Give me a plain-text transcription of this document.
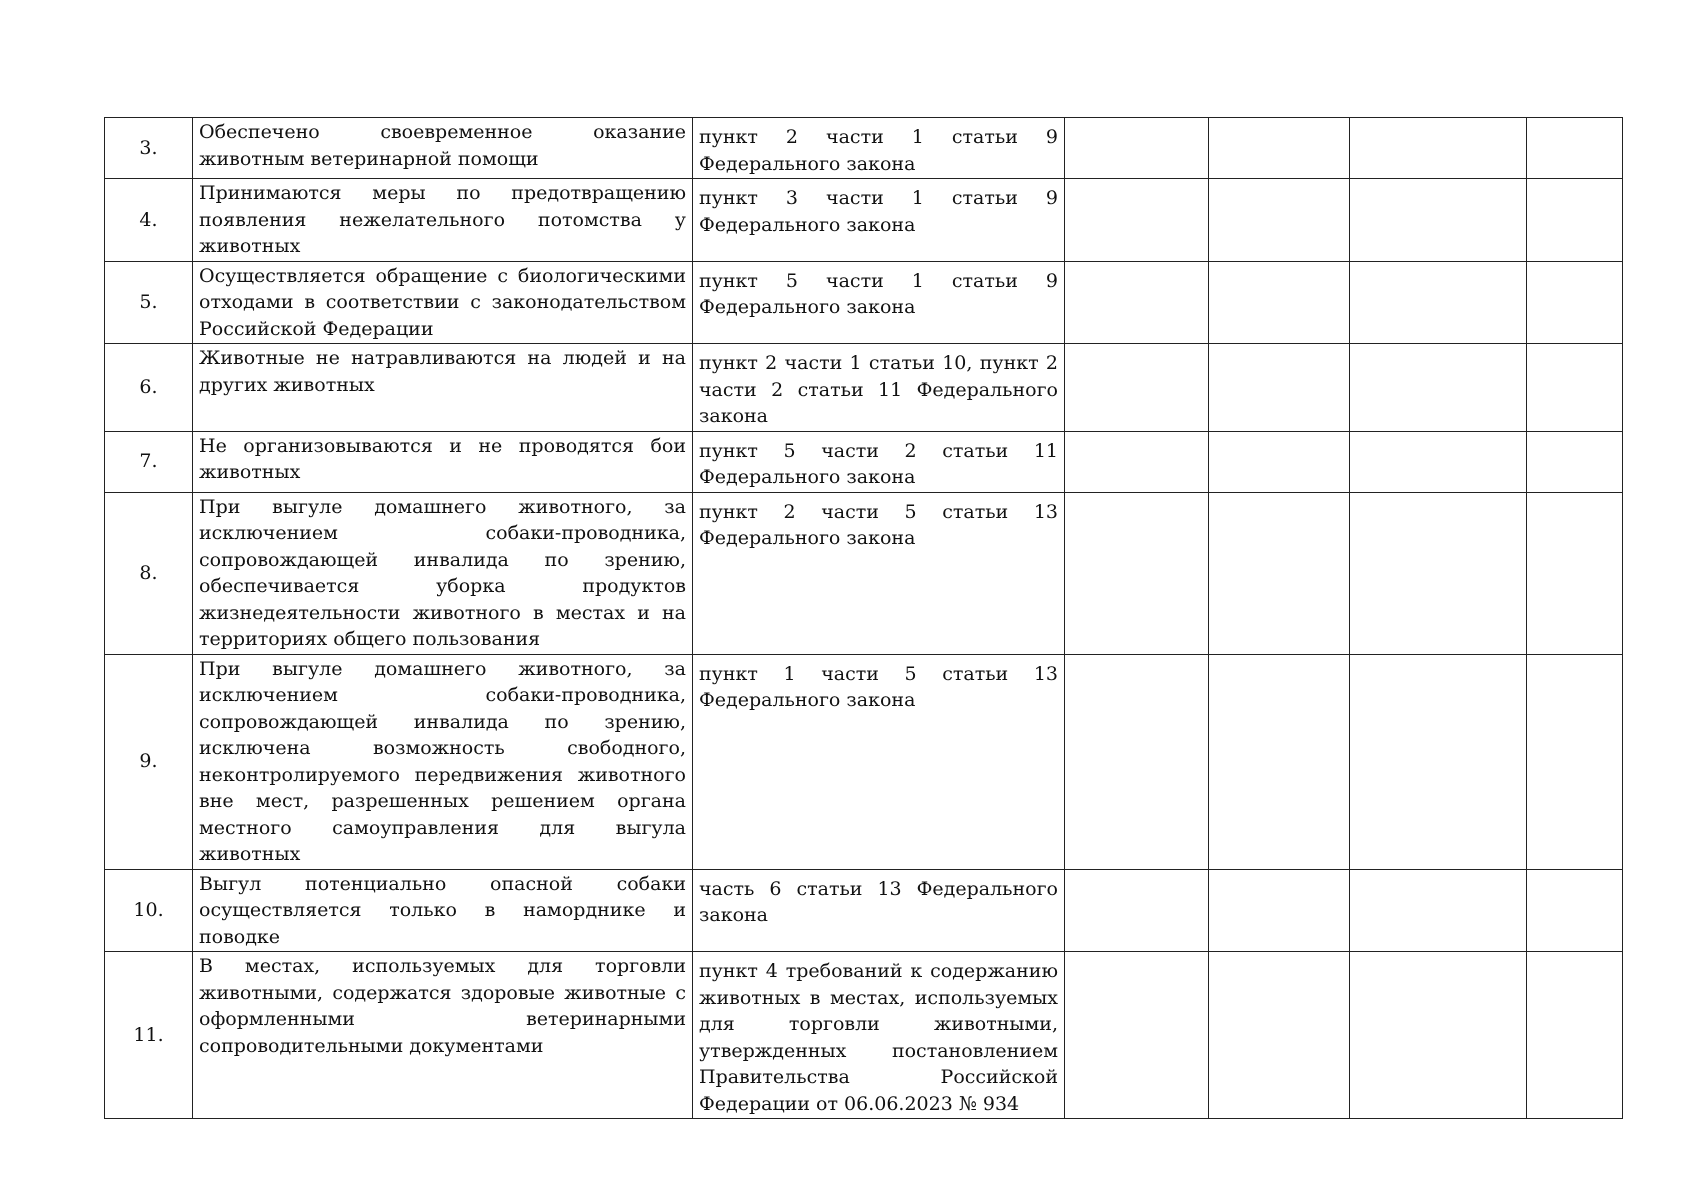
3.	Обеспечено своевременное оказание животным ветеринарной помощи	пункт 2 части 1 статьи 9 Федерального закона				
4.	Принимаются меры по предотвращению появления нежелательного потомства у животных	пункт 3 части 1 статьи 9 Федерального закона				
5.	Осуществляется обращение с биологическими отходами в соответствии с законодательством Российской Федерации	пункт 5 части 1 статьи 9 Федерального закона				
6.	Животные не натравливаются на людей и на других животных	пункт 2 части 1 статьи 10, пункт 2 части 2 статьи 11 Федерального закона				
7.	Не организовываются и не проводятся бои животных	пункт 5 части 2 статьи 11 Федерального закона				
8.	При выгуле домашнего животного, за исключением собаки-проводника, сопровождающей инвалида по зрению, обеспечивается уборка продуктов жизнедеятельности животного в местах и на территориях общего пользования	пункт 2 части 5 статьи 13 Федерального закона				
9.	При выгуле домашнего животного, за исключением собаки-проводника, сопровождающей инвалида по зрению, исключена возможность свободного, неконтролируемого передвижения животного вне мест, разрешенных решением органа местного самоуправления для выгула животных	пункт 1 части 5 статьи 13 Федерального закона				
10.	Выгул потенциально опасной собаки осуществляется только в наморднике и поводке	часть 6 статьи 13 Федерального закона				
11.	В местах, используемых для торговли животными, содержатся здоровые животные с оформленными ветеринарными сопроводительными документами	пункт 4 требований к содержанию животных в местах, используемых для торговли животными, утвержденных постановлением Правительства Российской Федерации от 06.06.2023 № 934				
